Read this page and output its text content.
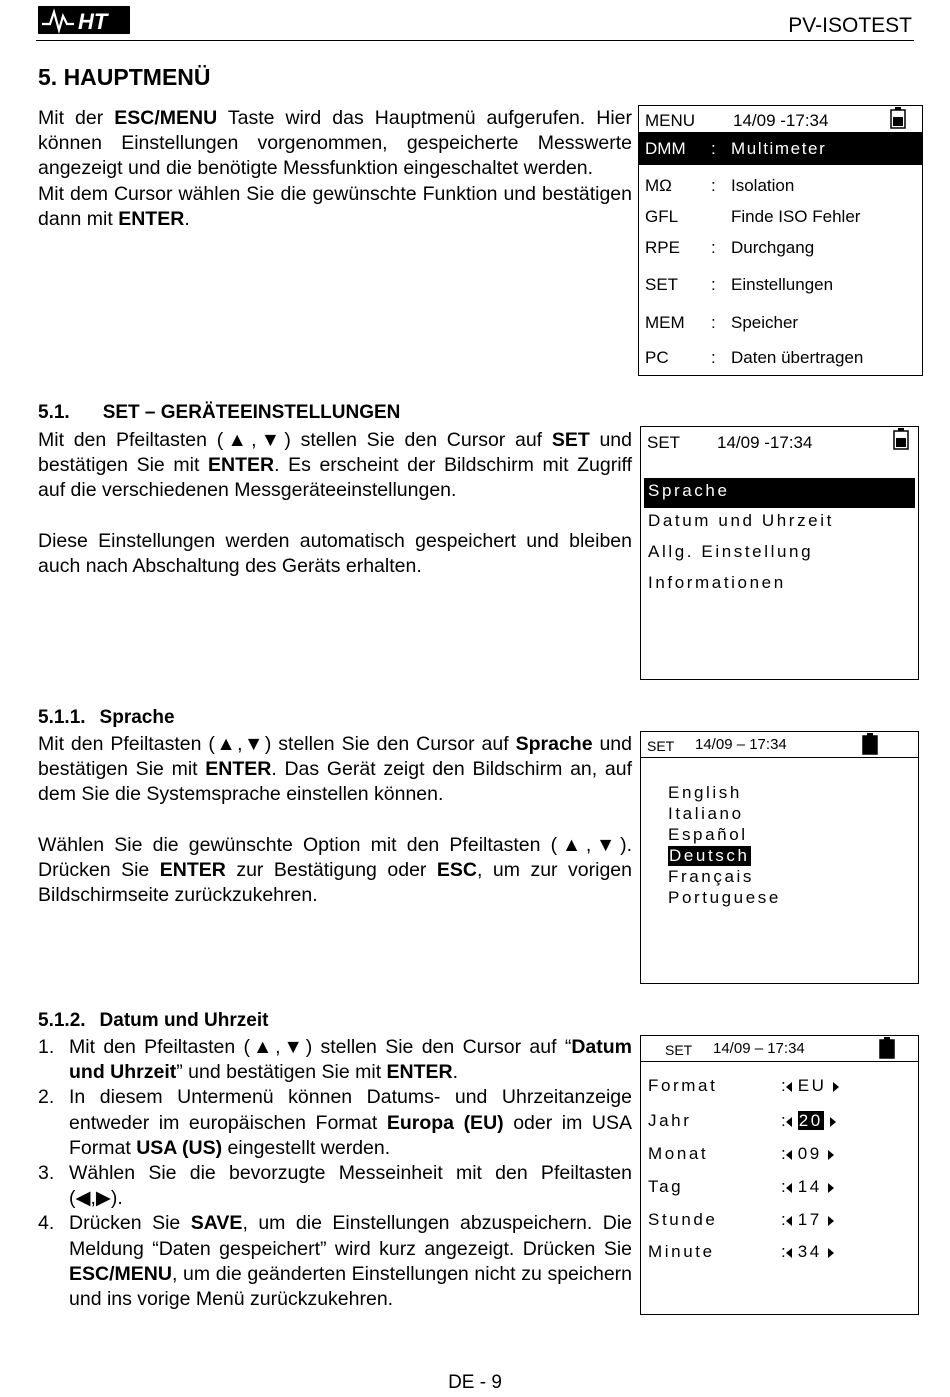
HT	PV-ISOTEST
5. HAUPTMENÜ

Mit der ESC/MENU Taste wird das Hauptmenü aufgerufen. Hier können Einstellungen vorgenommen, gespeicherte Messwerte angezeigt und die benötigte Messfunktion eingeschaltet werden.

Mit dem Cursor wählen Sie die gewünschte Funktion und bestätigen dann mit ENTER.

MENU 14/09 -17:34
DMM : Multimeter
MΩ : Isolation
GFL	Finde ISO Fehler
RPE : Durchgang
SET : Einstellungen
MEM : Speicher
PC : Daten übertragen
5.1. SET – GERÄTEEINSTELLUNGEN

Mit den Pfeiltasten (▲,▼) stellen Sie den Cursor auf SET und bestätigen Sie mit ENTER. Es erscheint der Bildschirm mit Zugriff auf die verschiedenen Messgeräteeinstellungen.

Diese Einstellungen werden automatisch gespeichert und bleiben auch nach Abschaltung des Geräts erhalten.

SET 14/09 -17:34
Sprache
Datum und Uhrzeit
Allg. Einstellung
Informationen
5.1.1. Sprache

Mit den Pfeiltasten (▲,▼) stellen Sie den Cursor auf Sprache und bestätigen Sie mit ENTER. Das Gerät zeigt den Bildschirm an, auf dem Sie die Systemsprache einstellen können.

Wählen Sie die gewünschte Option mit den Pfeiltasten (▲,▼). Drücken Sie ENTER zur Bestätigung oder ESC, um zur vorigen Bildschirmseite zurückzukehren.

SET 14/09 – 17:34
English
Italiano
Español
Deutsch
Français
Portuguese
5.1.2. Datum und Uhrzeit
1. Mit den Pfeiltasten (▲,▼) stellen Sie den Cursor auf “Datum und Uhrzeit” und bestätigen Sie mit ENTER.
2. In diesem Untermenü können Datums- und Uhrzeitanzeige entweder im europäischen Format Europa (EU) oder im USA Format USA (US) eingestellt werden.
3. Wählen Sie die bevorzugte Messeinheit mit den Pfeiltasten (◀,▶).
4. Drücken Sie SAVE, um die Einstellungen abzuspeichern. Die Meldung “Daten gespeichert” wird kurz angezeigt. Drücken Sie ESC/MENU, um die geänderten Einstellungen nicht zu speichern und ins vorige Menü zurückzukehren.
SET 14/09 – 17:34
Format	: EU
Jahr	: 20
Monat	: 09
Tag	: 14
Stunde	: 17
Minute	: 34
DE - 9
